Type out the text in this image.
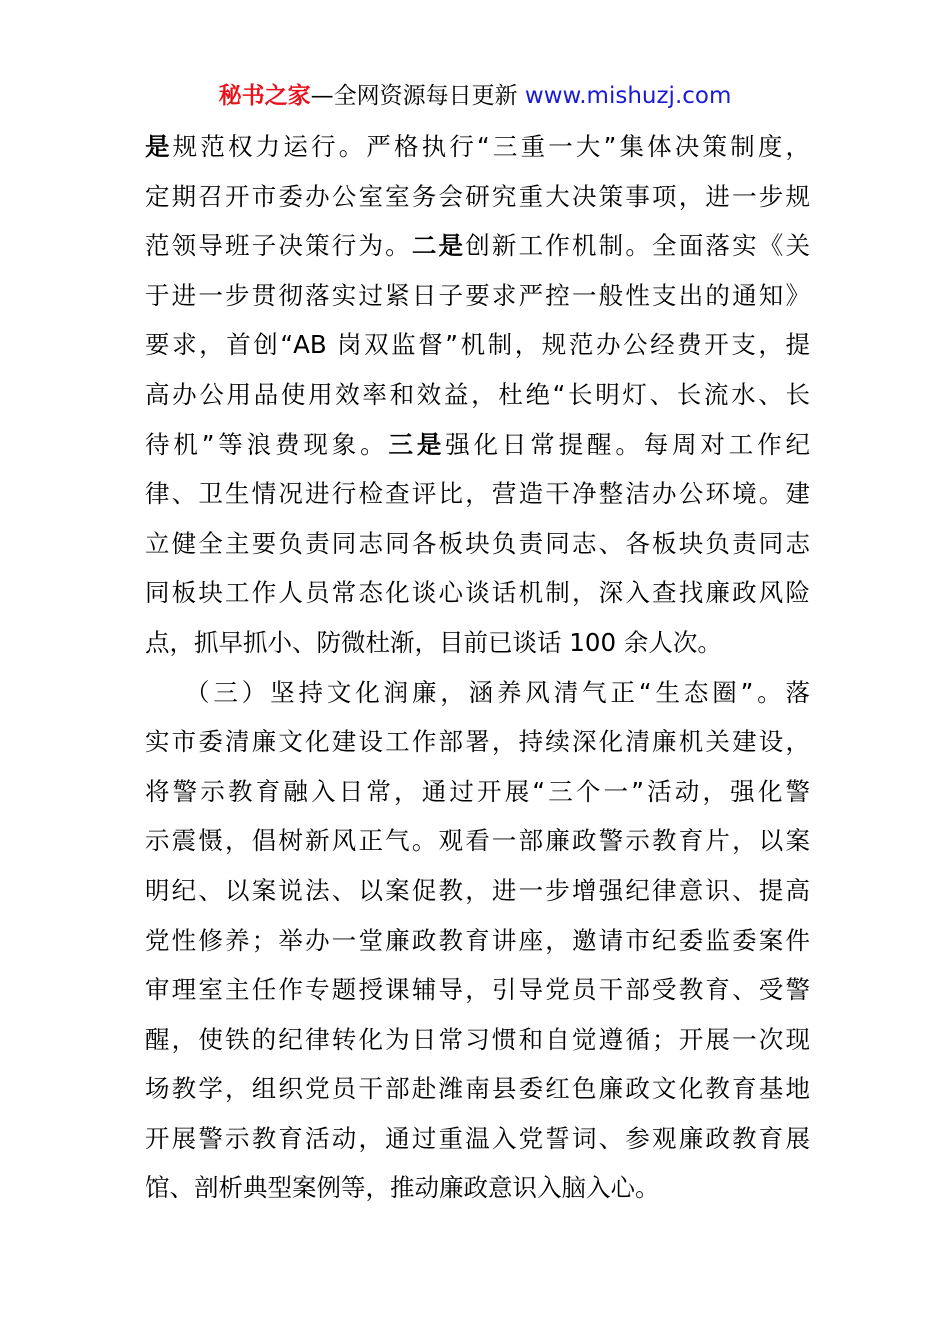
秘书之家—全网资源每日更新 www.mishuzj.com
是规范权力运行。严格执行“三重一大”集体决策制度，
定期召开市委办公室室务会研究重大决策事项，进一步规
范领导班子决策行为。二是创新工作机制。全面落实《关
于进一步贯彻落实过紧日子要求严控一般性支出的通知》
要求，首创“AB 岗双监督”机制，规范办公经费开支，提
高办公用品使用效率和效益，杜绝“长明灯、长流水、长
待机”等浪费现象。三是强化日常提醒。每周对工作纪
律、卫生情况进行检查评比，营造干净整洁办公环境。建
立健全主要负责同志同各板块负责同志、各板块负责同志
同板块工作人员常态化谈心谈话机制，深入查找廉政风险
点，抓早抓小、防微杜渐，目前已谈话 100 余人次。
（三）坚持文化润廉，涵养风清气正“生态圈”。落
实市委清廉文化建设工作部署，持续深化清廉机关建设，
将警示教育融入日常，通过开展“三个一”活动，强化警
示震慑，倡树新风正气。观看一部廉政警示教育片，以案
明纪、以案说法、以案促教，进一步增强纪律意识、提高
党性修养；举办一堂廉政教育讲座，邀请市纪委监委案件
审理室主任作专题授课辅导，引导党员干部受教育、受警
醒，使铁的纪律转化为日常习惯和自觉遵循；开展一次现
场教学，组织党员干部赴潍南县委红色廉政文化教育基地
开展警示教育活动，通过重温入党誓词、参观廉政教育展
馆、剖析典型案例等，推动廉政意识入脑入心。
